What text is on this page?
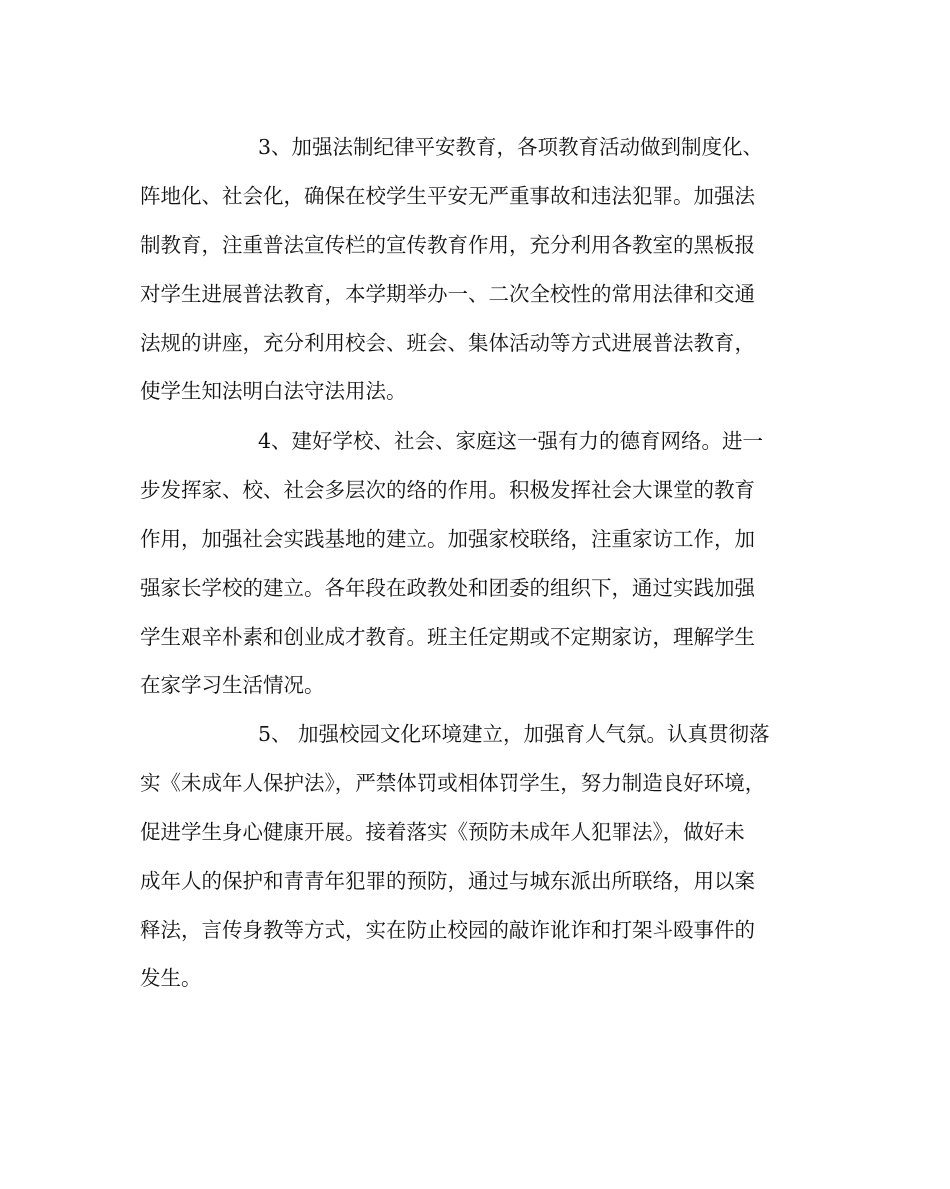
3、加强法制纪律平安教育，各项教育活动做到制度化、
阵地化、社会化，确保在校学生平安无严重事故和违法犯罪。加强法
制教育，注重普法宣传栏的宣传教育作用，充分利用各教室的黑板报
对学生进展普法教育，本学期举办一、二次全校性的常用法律和交通
法规的讲座，充分利用校会、班会、集体活动等方式进展普法教育，
使学生知法明白法守法用法。
4、建好学校、社会、家庭这一强有力的德育网络。进一
步发挥家、校、社会多层次的络的作用。积极发挥社会大课堂的教育
作用，加强社会实践基地的建立。加强家校联络，注重家访工作，加
强家长学校的建立。各年段在政教处和团委的组织下，通过实践加强
学生艰辛朴素和创业成才教育。班主任定期或不定期家访，理解学生
在家学习生活情况。
5、 加强校园文化环境建立，加强育人气氛。认真贯彻落
实《未成年人保护法》，严禁体罚或相体罚学生，努力制造良好环境，
促进学生身心健康开展。接着落实《预防未成年人犯罪法》，做好未
成年人的保护和青青年犯罪的预防，通过与城东派出所联络，用以案
释法，言传身教等方式，实在防止校园的敲诈讹诈和打架斗殴事件的
发生。
